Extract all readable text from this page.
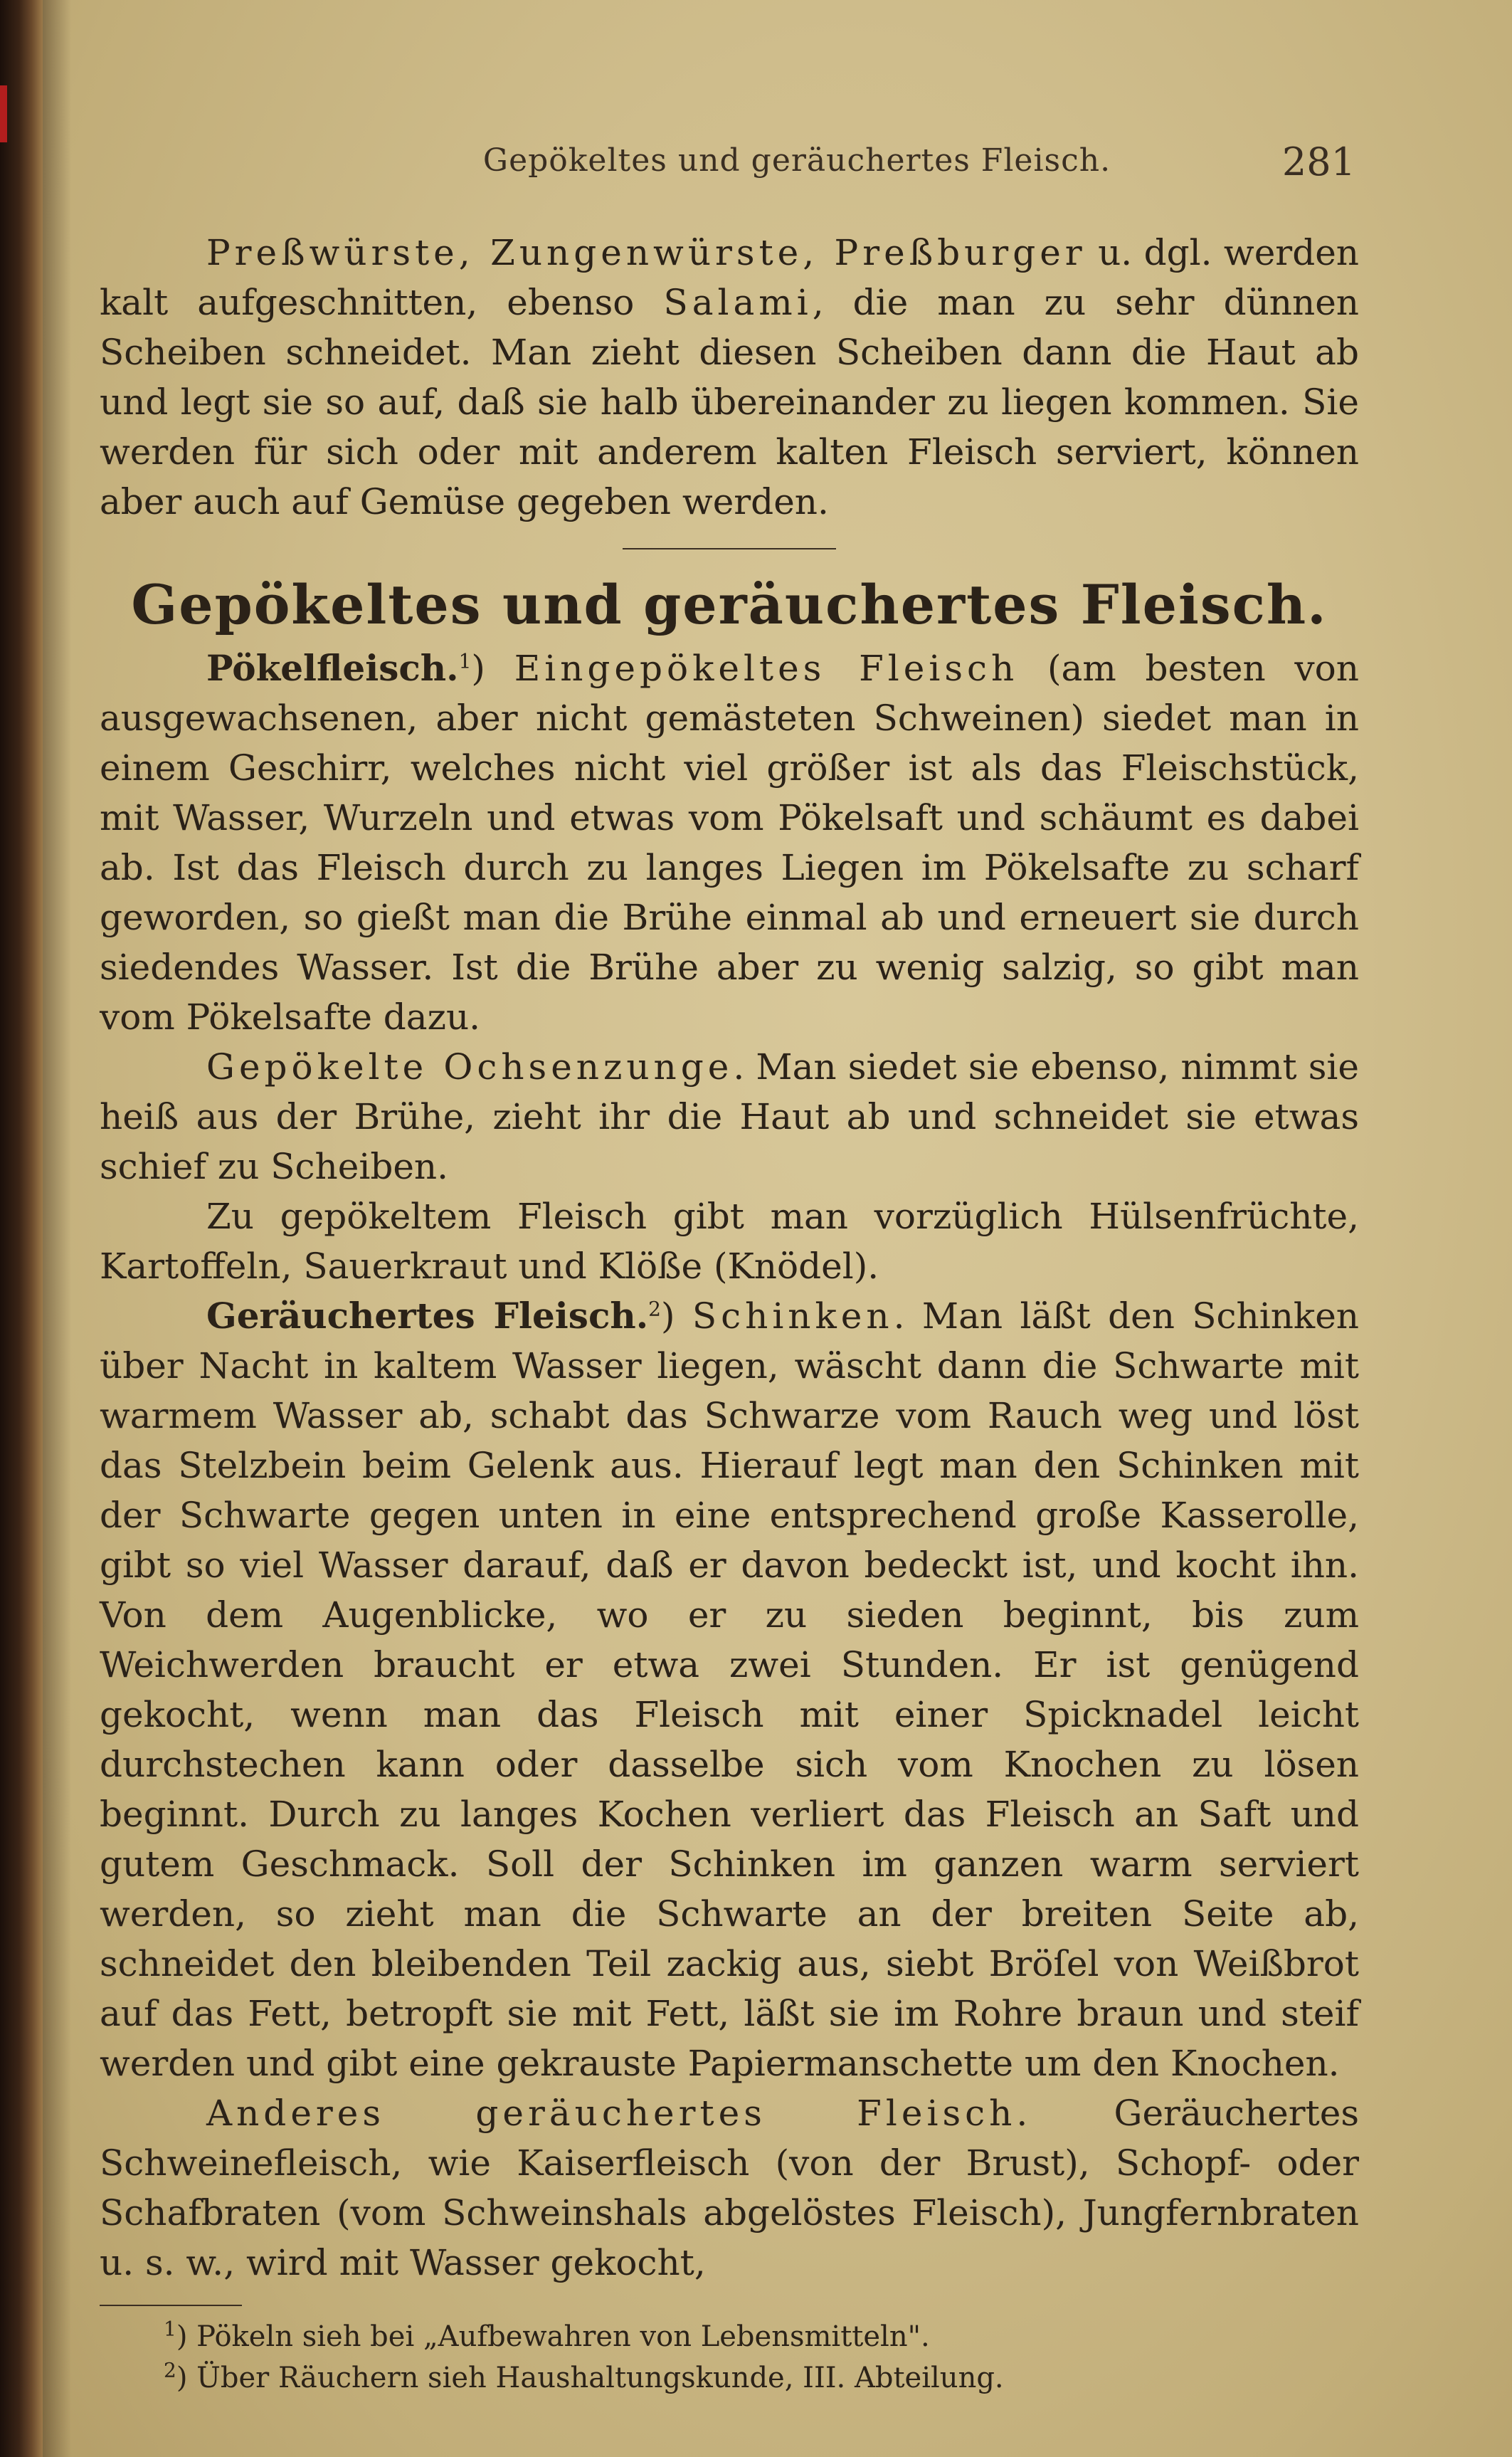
Gepökeltes und geräuchertes Fleisch.	281

Preßwürste, Zungenwürste, Preßburger u. dgl. werden kalt aufgeschnitten, ebenso Salami, die man zu sehr dünnen Scheiben schneidet. Man zieht diesen Scheiben dann die Haut ab und legt sie so auf, daß sie halb übereinander zu liegen kommen. Sie werden für sich oder mit anderem kalten Fleisch serviert, können aber auch auf Gemüse gegeben werden.

Gepökeltes und geräuchertes Fleisch.

Pökelfleisch.$^1$) Eingepökeltes Fleisch (am besten von ausgewachsenen, aber nicht gemästeten Schweinen) siedet man in einem Geschirr, welches nicht viel größer ist als das Fleischstück, mit Wasser, Wurzeln und etwas vom Pökelsaft und schäumt es dabei ab. Ist das Fleisch durch zu langes Liegen im Pökelsafte zu scharf geworden, so gießt man die Brühe einmal ab und erneuert sie durch siedendes Wasser. Ist die Brühe aber zu wenig salzig, so gibt man vom Pökelsafte dazu.

Gepökelte Ochsenzunge. Man siedet sie ebenso, nimmt sie heiß aus der Brühe, zieht ihr die Haut ab und schneidet sie etwas schief zu Scheiben.

Zu gepökeltem Fleisch gibt man vorzüglich Hülsenfrüchte, Kartoffeln, Sauerkraut und Klöße (Knödel).

Geräuchertes Fleisch.$^2$) Schinken. Man läßt den Schinken über Nacht in kaltem Wasser liegen, wäscht dann die Schwarte mit warmem Wasser ab, schabt das Schwarze vom Rauch weg und löst das Stelzbein beim Gelenk aus. Hierauf legt man den Schinken mit der Schwarte gegen unten in eine entsprechend große Kasserolle, gibt so viel Wasser darauf, daß er davon bedeckt ist, und kocht ihn. Von dem Augenblicke, wo er zu sieden beginnt, bis zum Weichwerden braucht er etwa zwei Stunden. Er ist genügend gekocht, wenn man das Fleisch mit einer Spicknadel leicht durchstechen kann oder dasselbe sich vom Knochen zu lösen beginnt. Durch zu langes Kochen verliert das Fleisch an Saft und gutem Geschmack. Soll der Schinken im ganzen warm serviert werden, so zieht man die Schwarte an der breiten Seite ab, schneidet den bleibenden Teil zackig aus, siebt Bröſel von Weißbrot auf das Fett, betropft sie mit Fett, läßt sie im Rohre braun und steif werden und gibt eine gekrauste Papiermanschette um den Knochen.

Anderes geräuchertes Fleisch. Geräuchertes Schweinefleisch, wie Kaiserfleisch (von der Brust), Schopf- oder Schafbraten (vom Schweinshals abgelöstes Fleisch), Jungfernbraten u. s. w., wird mit Wasser gekocht,

$^1$) Pökeln sieh bei „Aufbewahren von Lebensmitteln".

$^2$) Über Räuchern sieh Haushaltungskunde, III. Abteilung.
